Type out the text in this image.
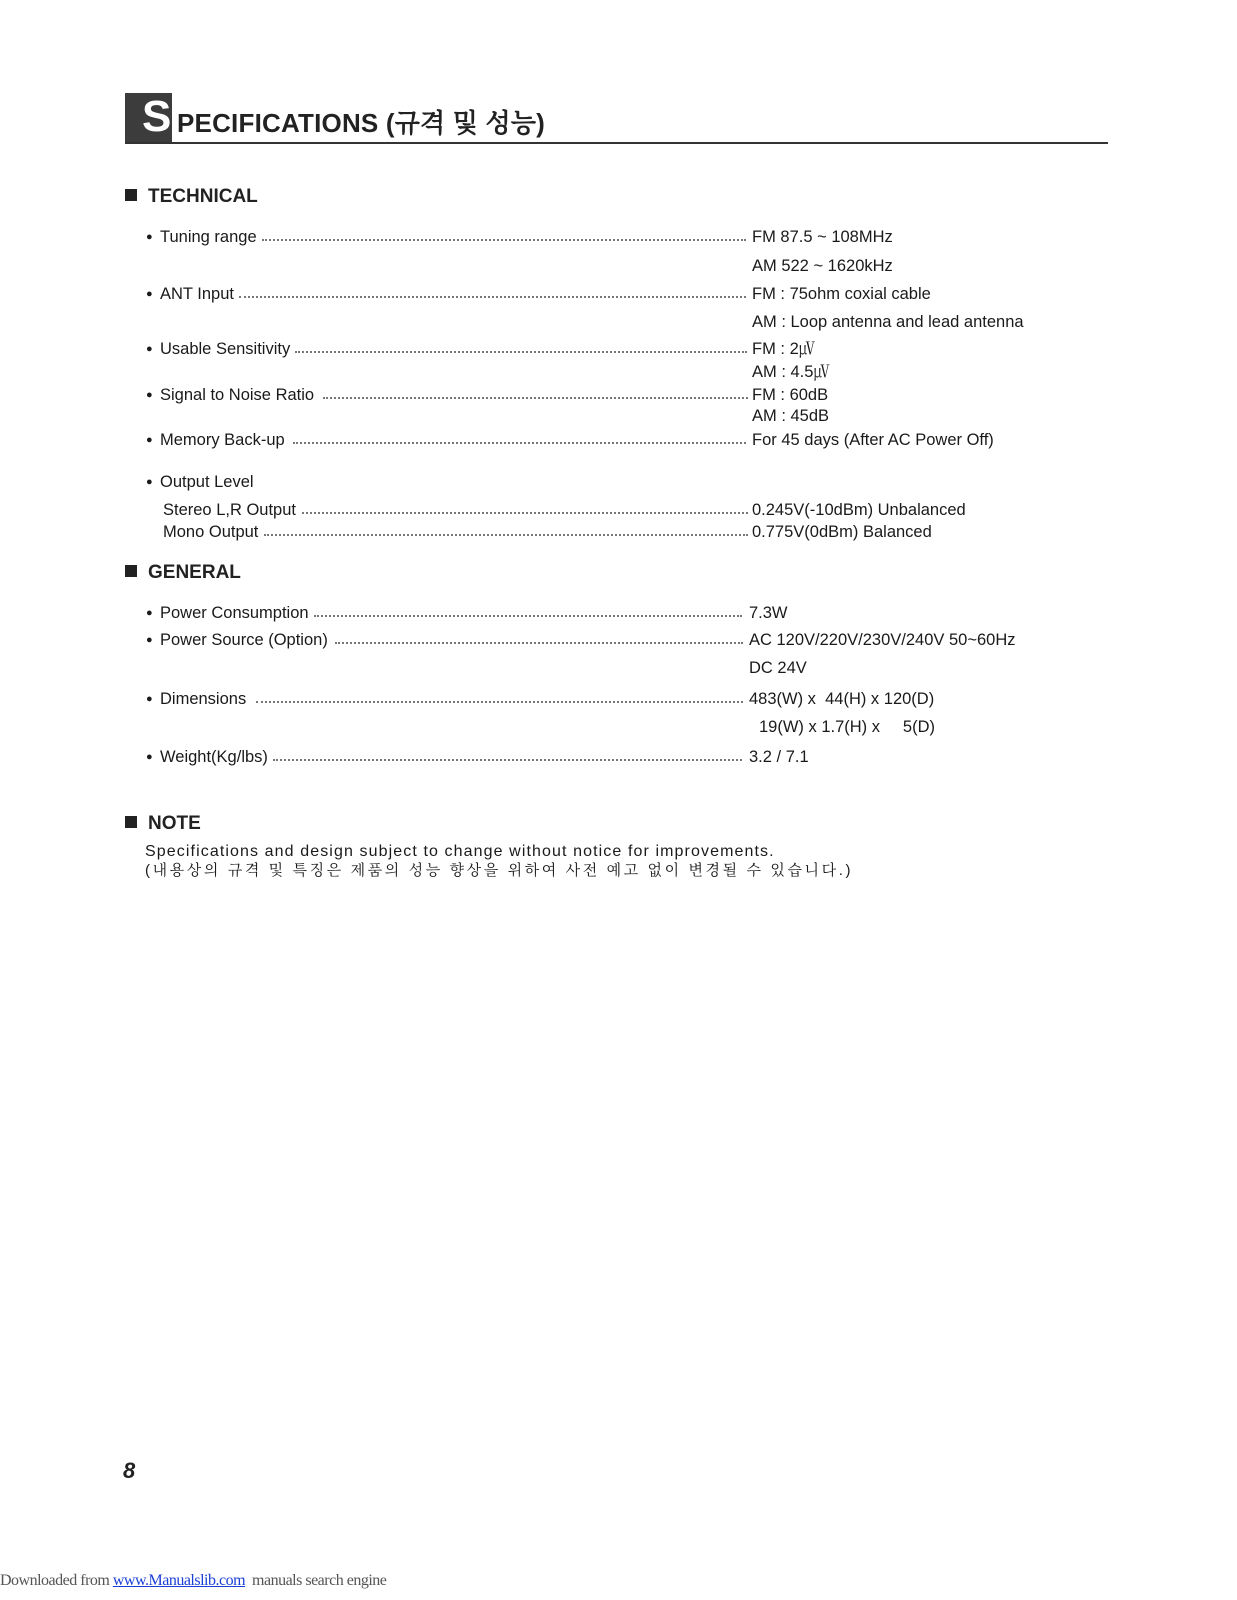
S PECIFICATIONS (규격 및 성능)
TECHNICAL
● Tuning range	FM 87.5 ~ 108MHz
AM 522 ~ 1620kHz
● ANT Input	FM : 75ohm coxial cable
AM : Loop antenna and lead antenna
● Usable Sensitivity	FM : 2㎶
AM : 4.5㎶
● Signal to Noise Ratio	FM : 60dB
AM : 45dB
● Memory Back-up	For 45 days (After AC Power Off)
● Output Level
Stereo L,R Output	0.245V(-10dBm) Unbalanced
Mono Output	0.775V(0dBm) Balanced
GENERAL
● Power Consumption	7.3W
● Power Source (Option)	AC 120V/220V/230V/240V 50~60Hz
DC 24V
● Dimensions	483(W) x  44(H) x 120(D)
19(W) x 1.7(H) x     5(D)
● Weight(Kg/lbs)	3.2 / 7.1
NOTE
Specifications and design subject to change without notice for improvements.
(내용상의 규격 및 특징은 제품의 성능 향상을 위하여 사전 예고 없이 변경될 수 있습니다.)
8
Downloaded from www.Manualslib.com  manuals search engine
